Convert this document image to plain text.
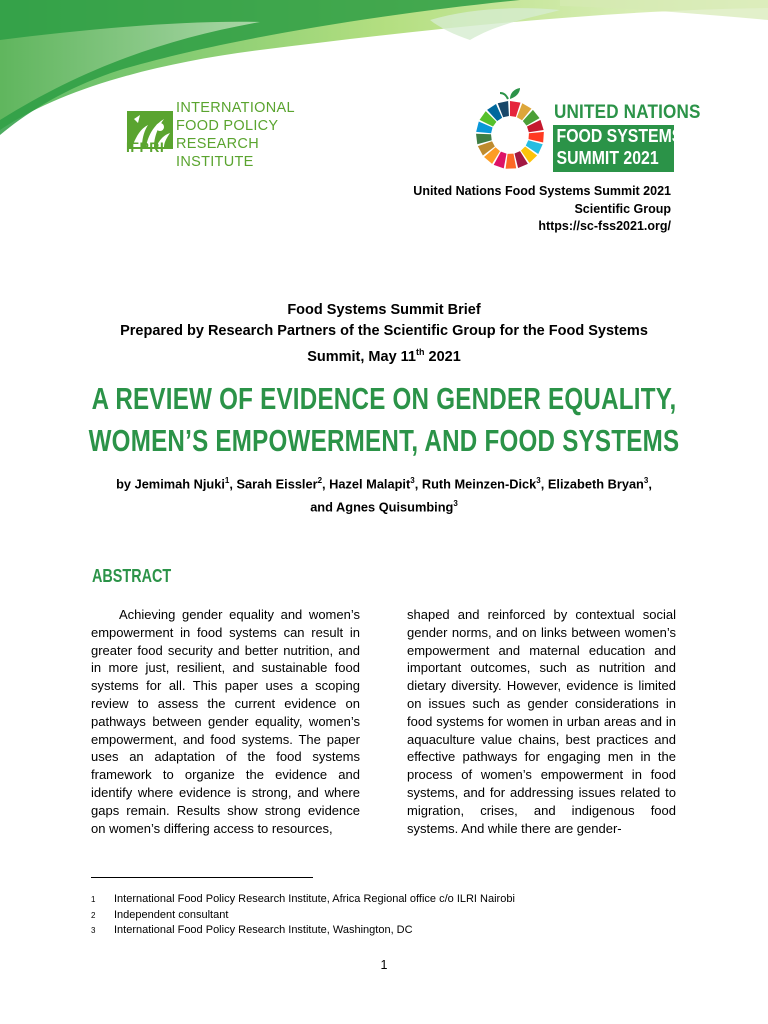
IFPRI
INTERNATIONAL
FOOD POLICY
RESEARCH
INSTITUTE
UNITED NATIONS
FOOD SYSTEMS
SUMMIT 2021
United Nations Food Systems Summit 2021
Scientific Group
https://sc-fss2021.org/
Food Systems Summit Brief
Prepared by Research Partners of the Scientific Group for the Food Systems
Summit, May 11th 2021
A REVIEW OF EVIDENCE ON GENDER EQUALITY,
WOMEN’S EMPOWERMENT, AND FOOD SYSTEMS
by Jemimah Njuki$^1$, Sarah Eissler$^2$, Hazel Malapit$^3$, Ruth Meinzen-Dick$^3$, Elizabeth Bryan$^3$,
and Agnes Quisumbing$^3$
ABSTRACT

Achieving gender equality and women’s empowerment in food systems can result in greater food security and better nutrition, and in more just, resilient, and sustainable food systems for all. This paper uses a scoping review to assess the current evidence on pathways between gender equality, women’s empowerment, and food systems. The paper uses an adaptation of the food systems framework to organize the evidence and identify where evidence is strong, and where gaps remain. Results show strong evidence on women’s differing access to resources,

shaped and reinforced by contextual social gender norms, and on links between women’s empowerment and maternal education and important outcomes, such as nutrition and dietary diversity. However, evidence is limited on issues such as gender considerations in food systems for women in urban areas and in aquaculture value chains, best practices and effective pathways for engaging men in the process of women’s empowerment in food systems, and for addressing issues related to migration, crises, and indigenous food systems. And while there are gender-

1 International Food Policy Research Institute, Africa Regional office c/o ILRI Nairobi
2 Independent consultant
3 International Food Policy Research Institute, Washington, DC
1
